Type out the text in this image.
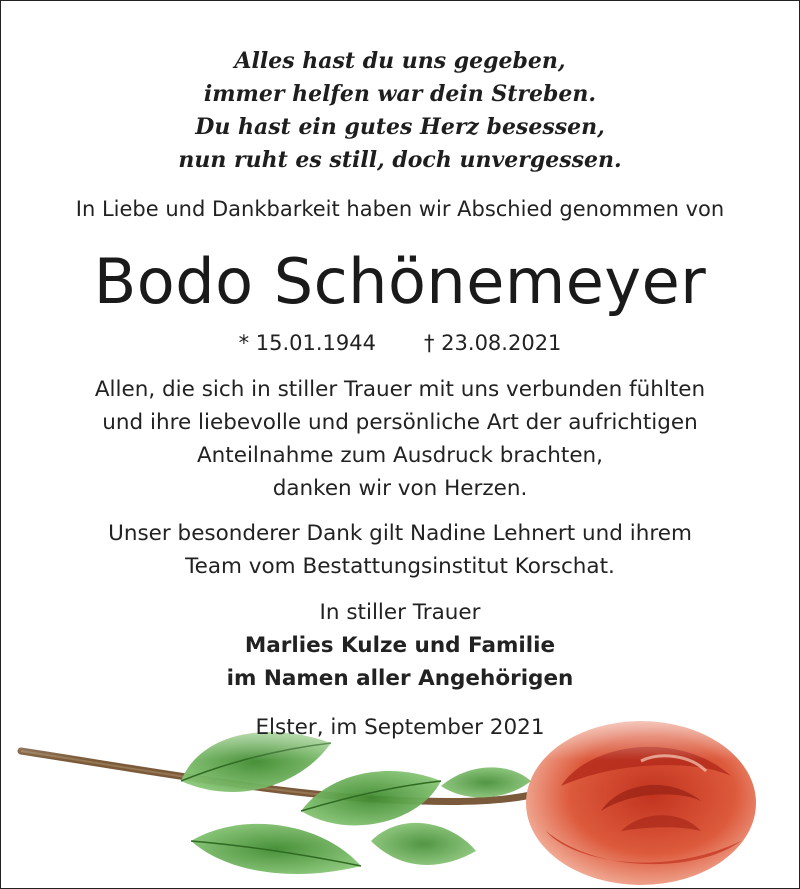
Alles hast du uns gegeben,
immer helfen war dein Streben.
Du hast ein gutes Herz besessen,
nun ruht es still, doch unvergessen.
In Liebe und Dankbarkeit haben wir Abschied genommen von
Bodo Schönemeyer
* 15.01.1944 † 23.08.2021
Allen, die sich in stiller Trauer mit uns verbunden fühlten
und ihre liebevolle und persönliche Art der aufrichtigen
Anteilnahme zum Ausdruck brachten,
danken wir von Herzen.
Unser besonderer Dank gilt Nadine Lehnert und ihrem
Team vom Bestattungsinstitut Korschat.
In stiller Trauer
Marlies Kulze und Familie
im Namen aller Angehörigen
Elster, im September 2021
